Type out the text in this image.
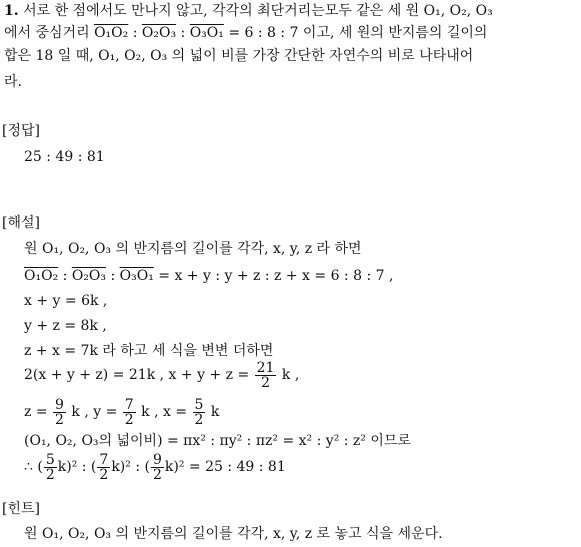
1. 서로 한 점에서도 만나지 않고, 각각의 최단거리는모두 같은 세 원 O₁, O₂, O₃
에서 중심거리 O₁O₂ : O₂O₃ : O₃O₁ = 6 : 8 : 7 이고, 세 원의 반지름의 길이의
합은 18 일 때, O₁, O₂, O₃ 의 넓이 비를 가장 간단한 자연수의 비로 나타내어
라.
[정답]
25 : 49 : 81
[해설]
원 O₁, O₂, O₃ 의 반지름의 길이를 각각, x, y, z 라 하면
O₁O₂ : O₂O₃ : O₃O₁ = x + y : y + z : z + x = 6 : 8 : 7 ,
x + y = 6k ,
y + z = 8k ,
z + x = 7k 라 하고 세 식을 변변 더하면
2(x + y + z) = 21k , $x + y + z = \frac{21}{2}$ k ,
$z = \frac{9}{2}$ k , $y = \frac{7}{2}$ k , $x = \frac{5}{2}$ k
(O₁, O₂, O₃의 넓이비) = πx² : πy² : πz² = x² : y² : z² 이므로
∴ ( $\frac{5}{2} k)^2$ : ( $\frac{7}{2} k)^2$ : ( $\frac{9}{2} k)^2 = 25$ : 49 : 81
[힌트]
원 O₁, O₂, O₃ 의 반지름의 길이를 각각, x, y, z 로 놓고 식을 세운다.
